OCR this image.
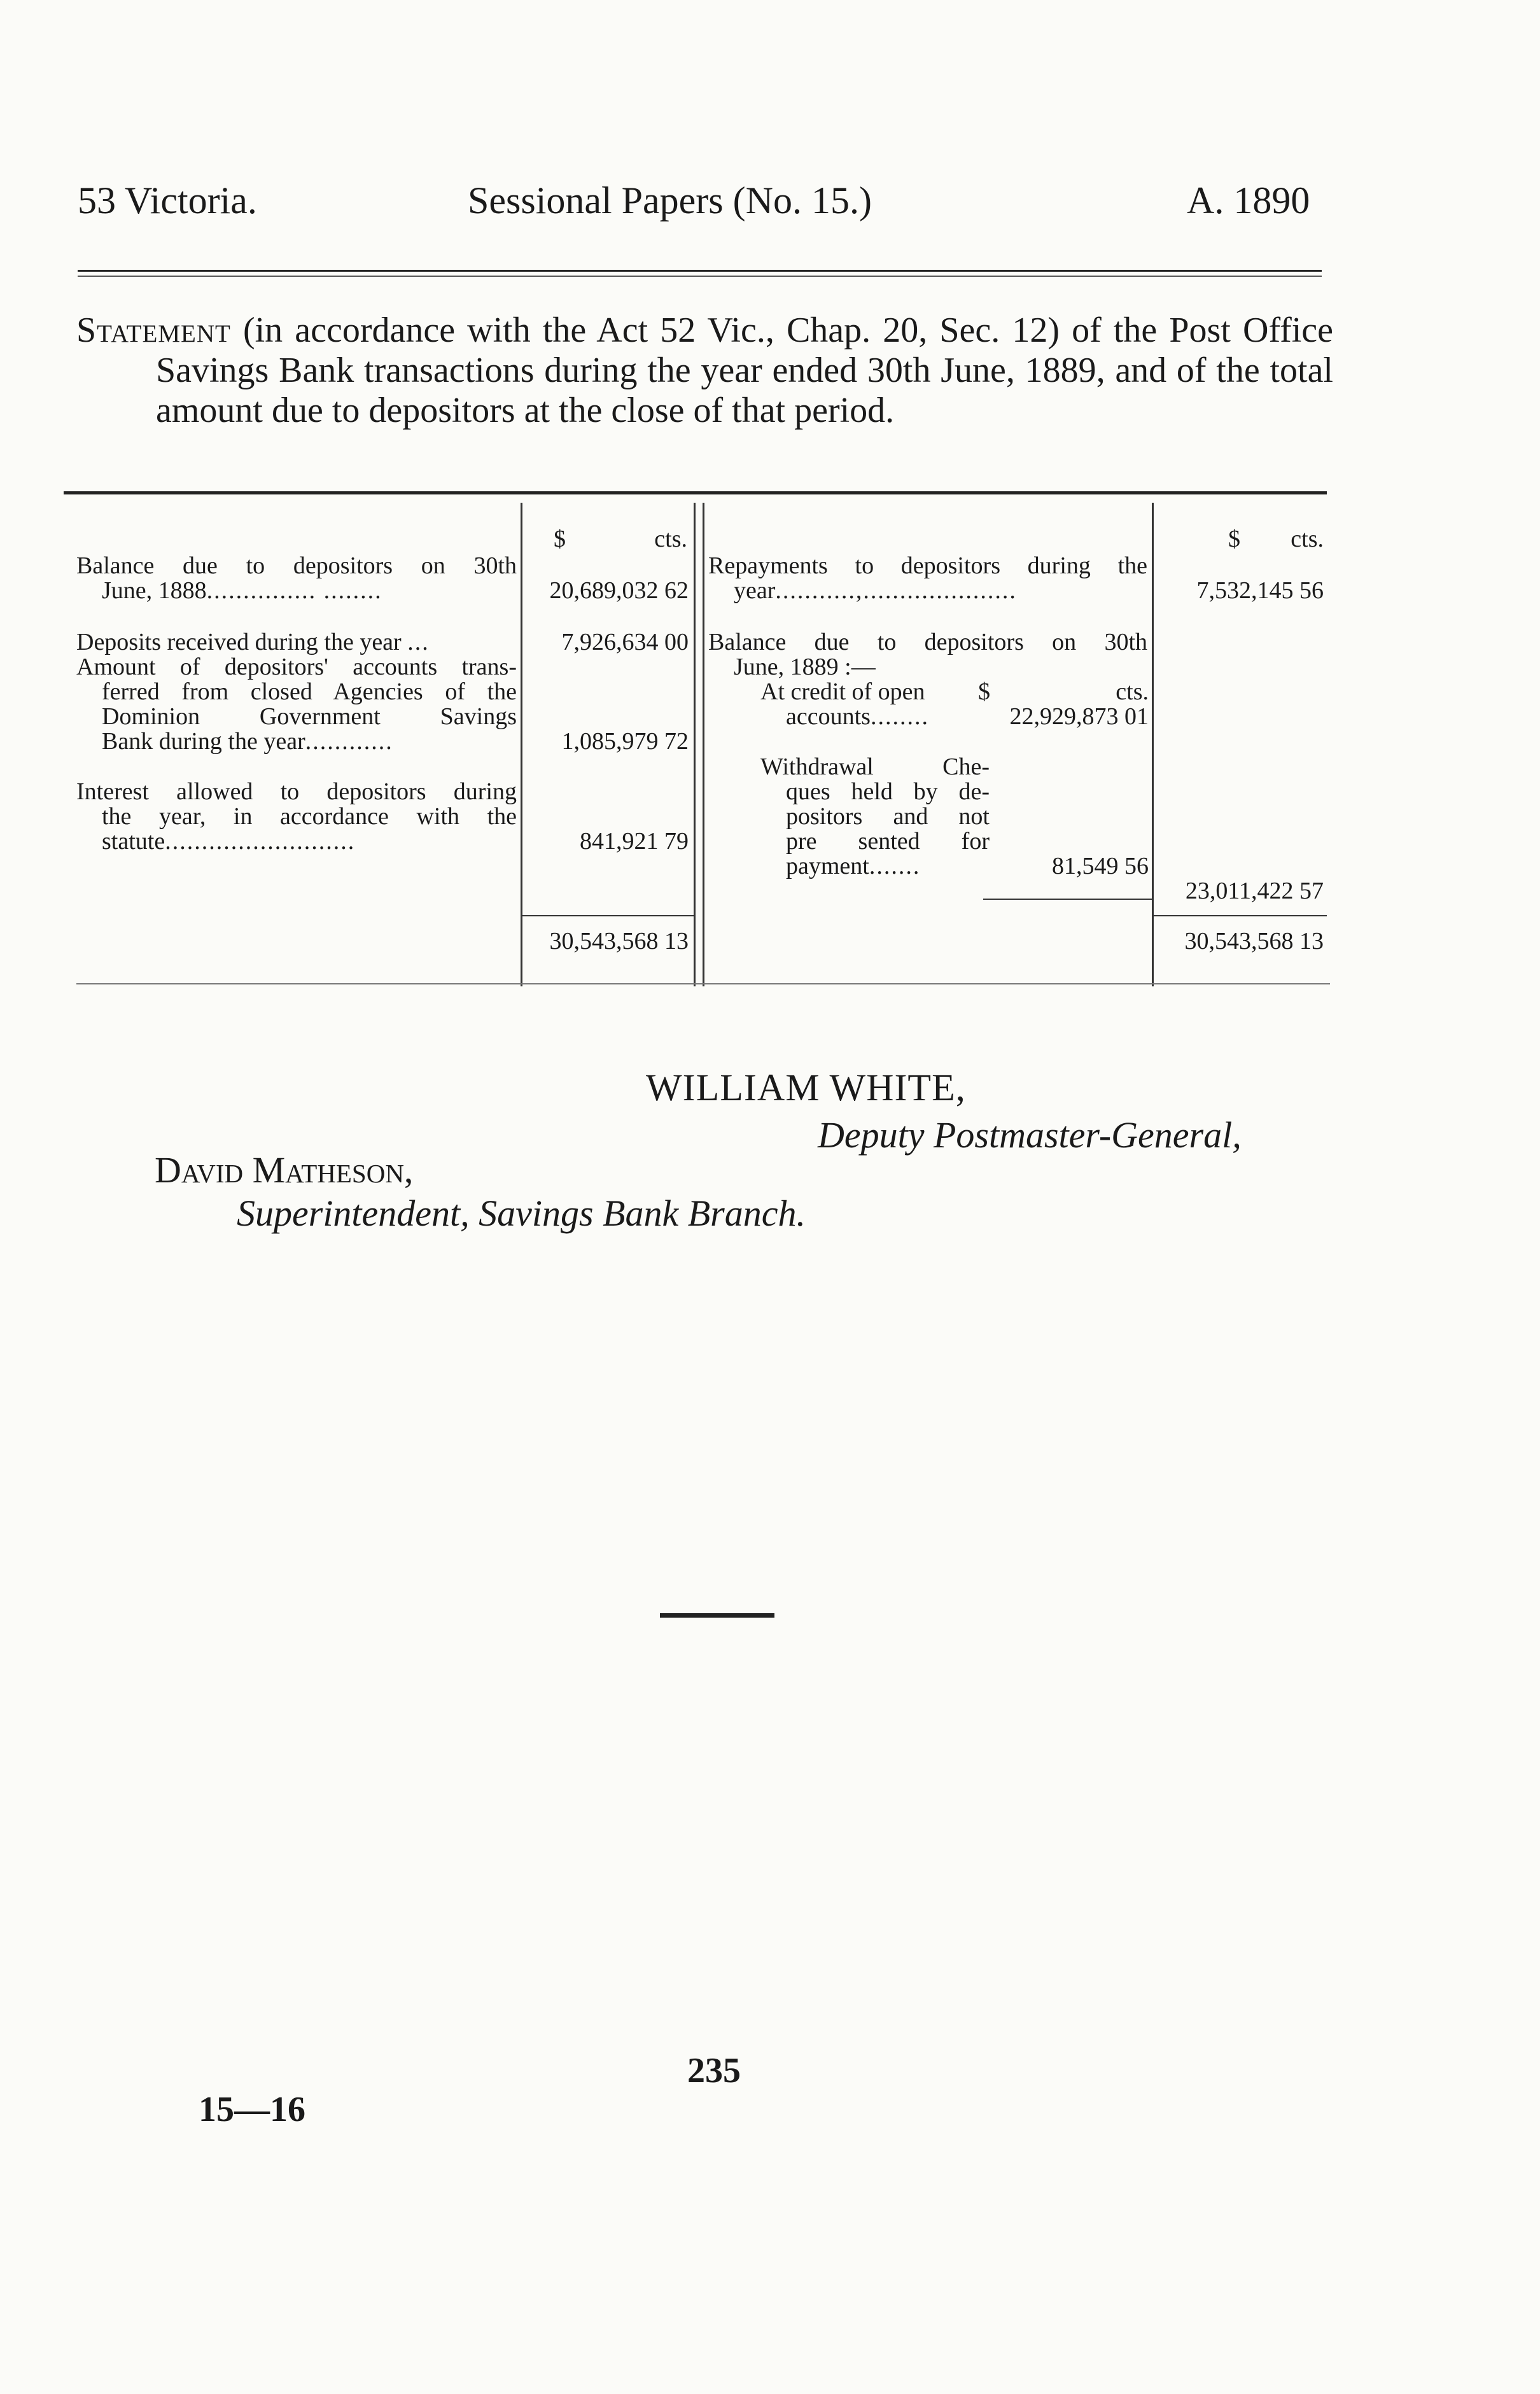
53 Victoria.	Sessional Papers (No. 15.)	A. 1890

Statement (in accordance with the Act 52 Vic., Chap. 20, Sec. 12) of the Post Office Savings Bank transactions during the year ended 30th June, 1889, and of the total amount due to depositors at the close of that period.

$	cts.	$ cts.
Balance due to depositors on 30th
June, 1888............... ........	20,689,032 62
Deposits received during the year ...	7,926,634 00
Amount of depositors' accounts trans-
ferred from closed Agencies of the
Dominion Government Savings
Bank during the year............	1,085,979 72
Interest allowed to depositors during
the year, in accordance with the
statute..........................	841,921 79
30,543,568 13
Repayments to depositors during the
year...........,.....................	7,532,145 56
Balance due to depositors on 30th
June, 1889 :—
At credit of open $	cts.
accounts........	22,929,873 01
Withdrawal Che-
ques held by de-
positors and not
pre sented for
payment.......	81,549 56
23,011,422 57
30,543,568 13
WILLIAM WHITE,
Deputy Postmaster-General,
David Matheson,
Superintendent, Savings Bank Branch.
235
15—16
